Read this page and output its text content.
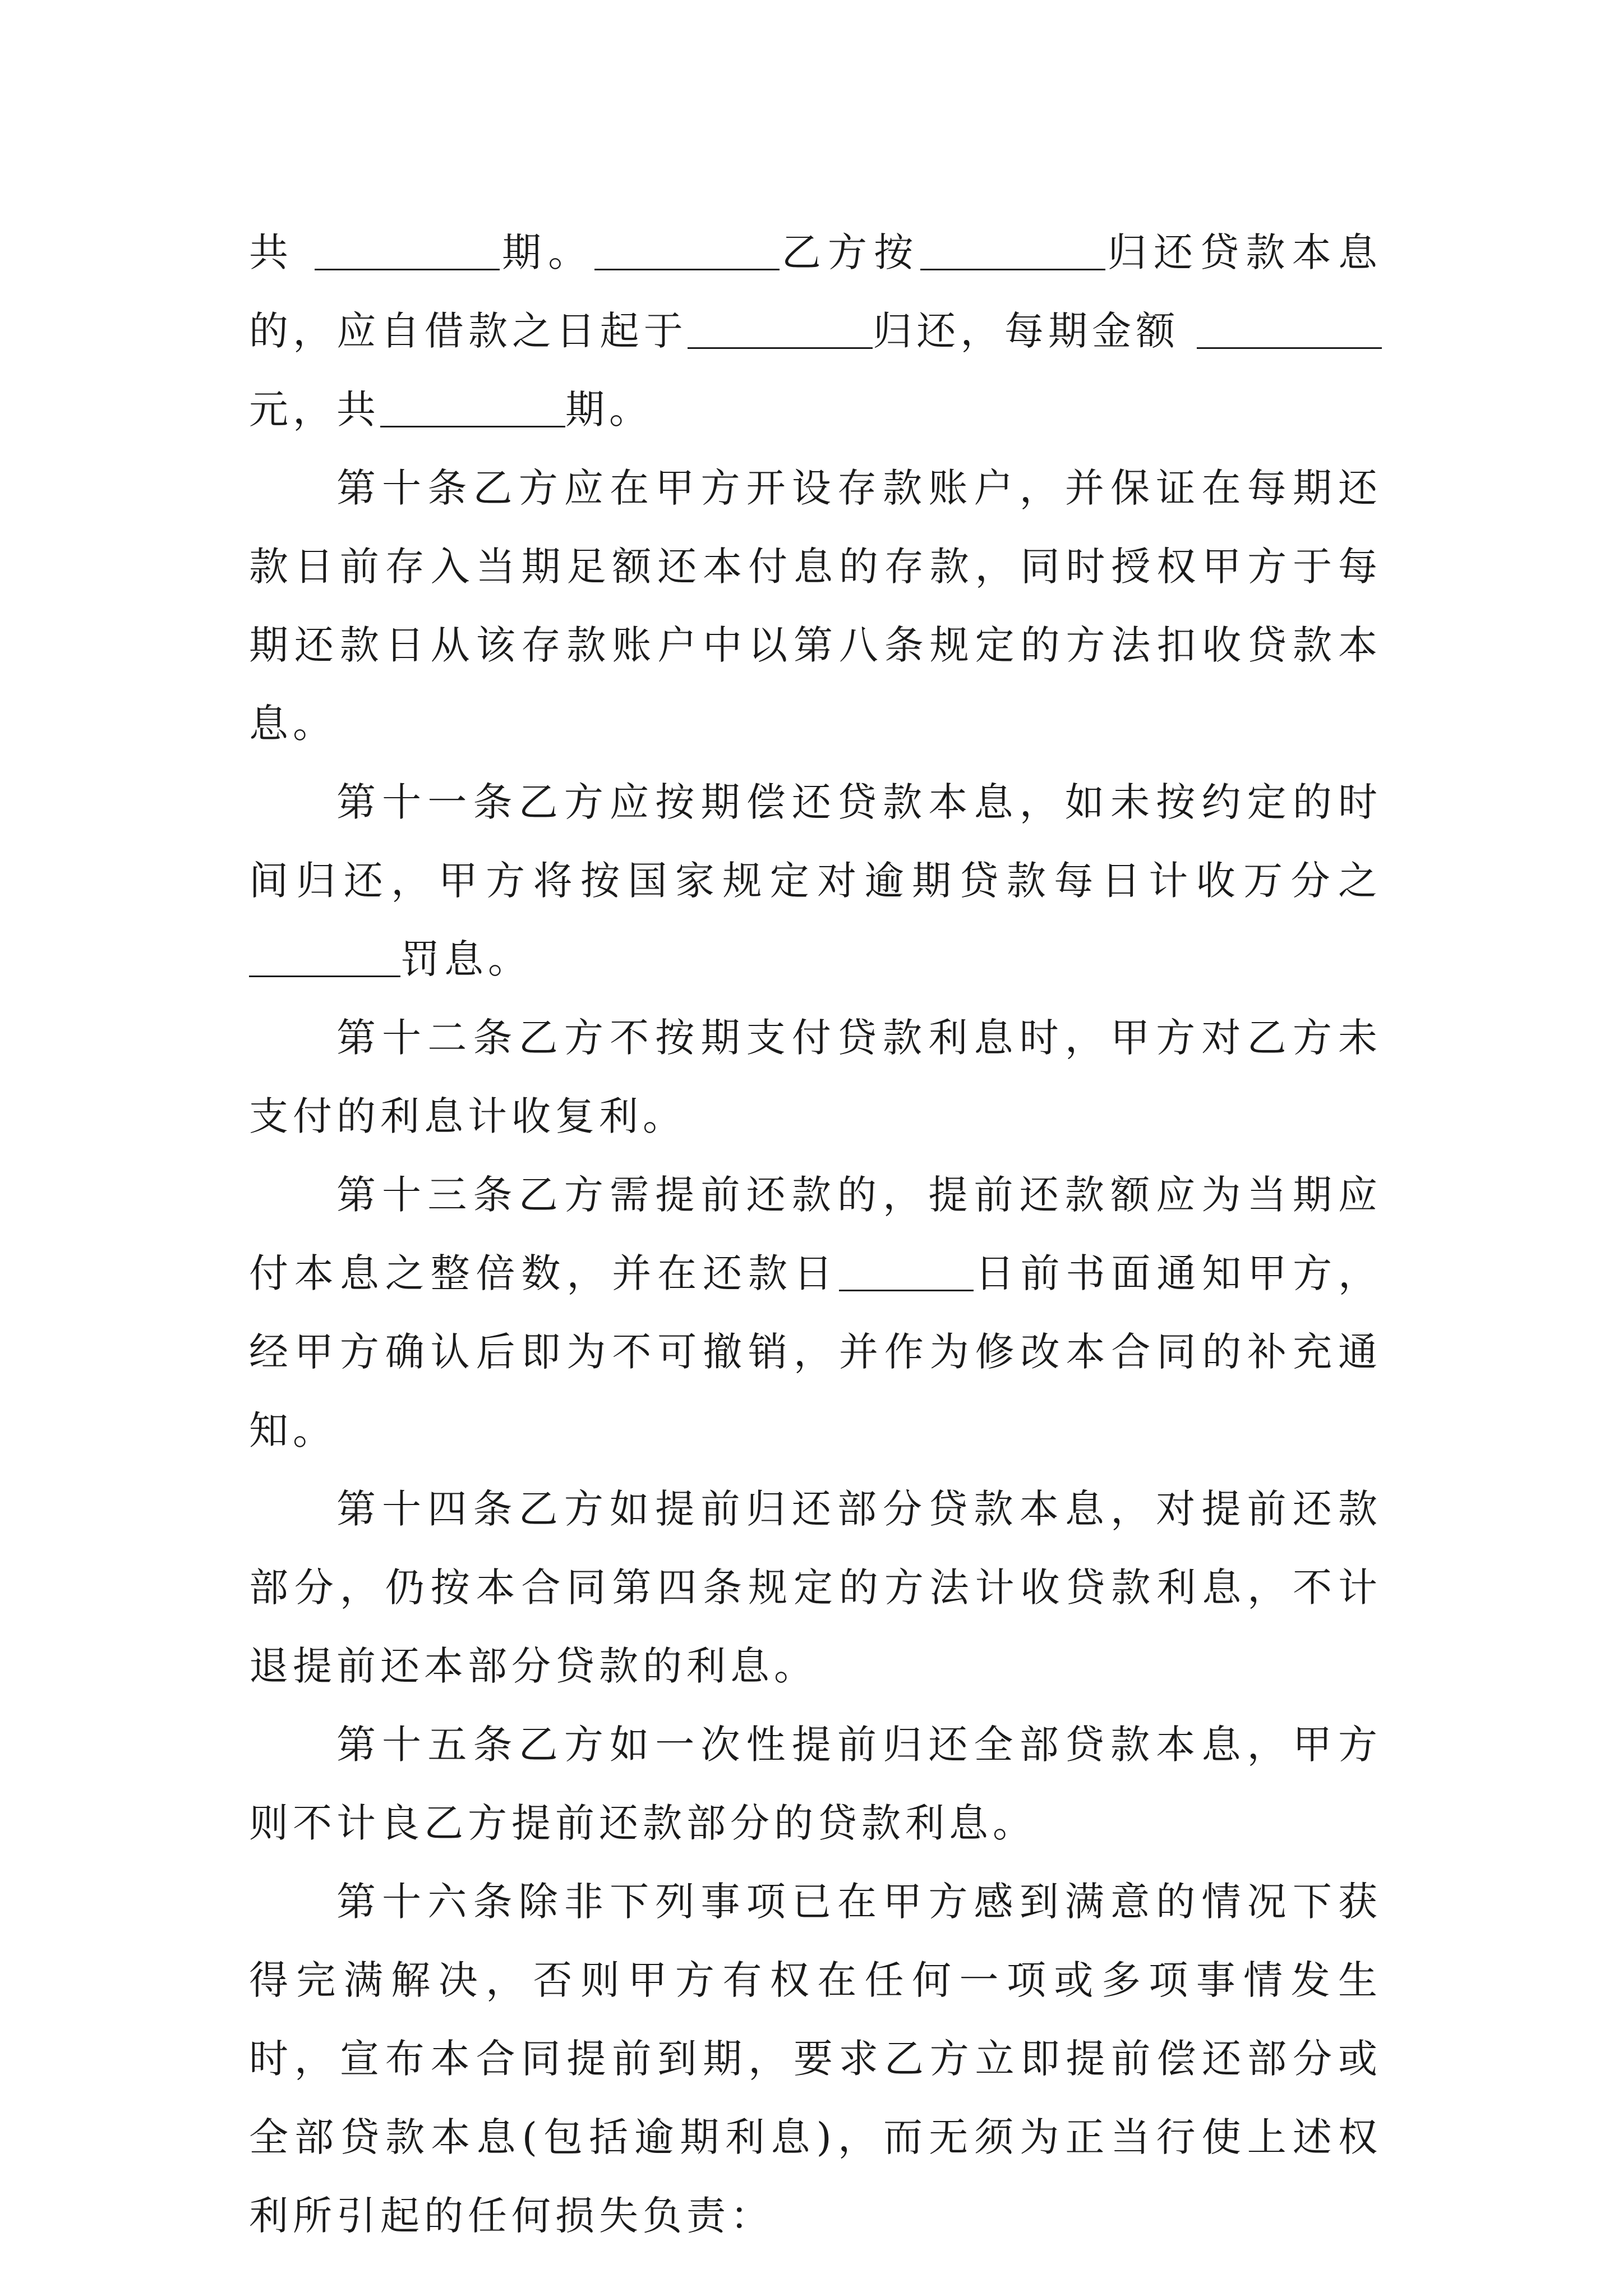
共	期。	乙方按	归还贷款本息的，应自借款之日起于	归还，每期金额 元，共	期。

第十条乙方应在甲方开设存款账户，并保证在每期还款日前存入当期足额还本付息的存款，同时授权甲方于每期还款日从该存款账户中以第八条规定的方法扣收贷款本息。

第十一条乙方应按期偿还贷款本息，如未按约定的时间归还，甲方将按国家规定对逾期贷款每日计收万分之罚息。

第十二条乙方不按期支付贷款利息时，甲方对乙方未支付的利息计收复利。

第十三条乙方需提前还款的，提前还款额应为当期应付本息之整倍数，并在还款日	日前书面通知甲方，经甲方确认后即为不可撤销，并作为修改本合同的补充通知。

第十四条乙方如提前归还部分贷款本息，对提前还款部分，仍按本合同第四条规定的方法计收贷款利息，不计退提前还本部分贷款的利息。

第十五条乙方如一次性提前归还全部贷款本息，甲方则不计良乙方提前还款部分的贷款利息。

第十六条除非下列事项已在甲方感到满意的情况下获得完满解决，否则甲方有权在任何一项或多项事情发生时，宣布本合同提前到期，要求乙方立即提前偿还部分或全部贷款本息(包括逾期利息)，而无须为正当行使上述权利所引起的任何损失负责：
